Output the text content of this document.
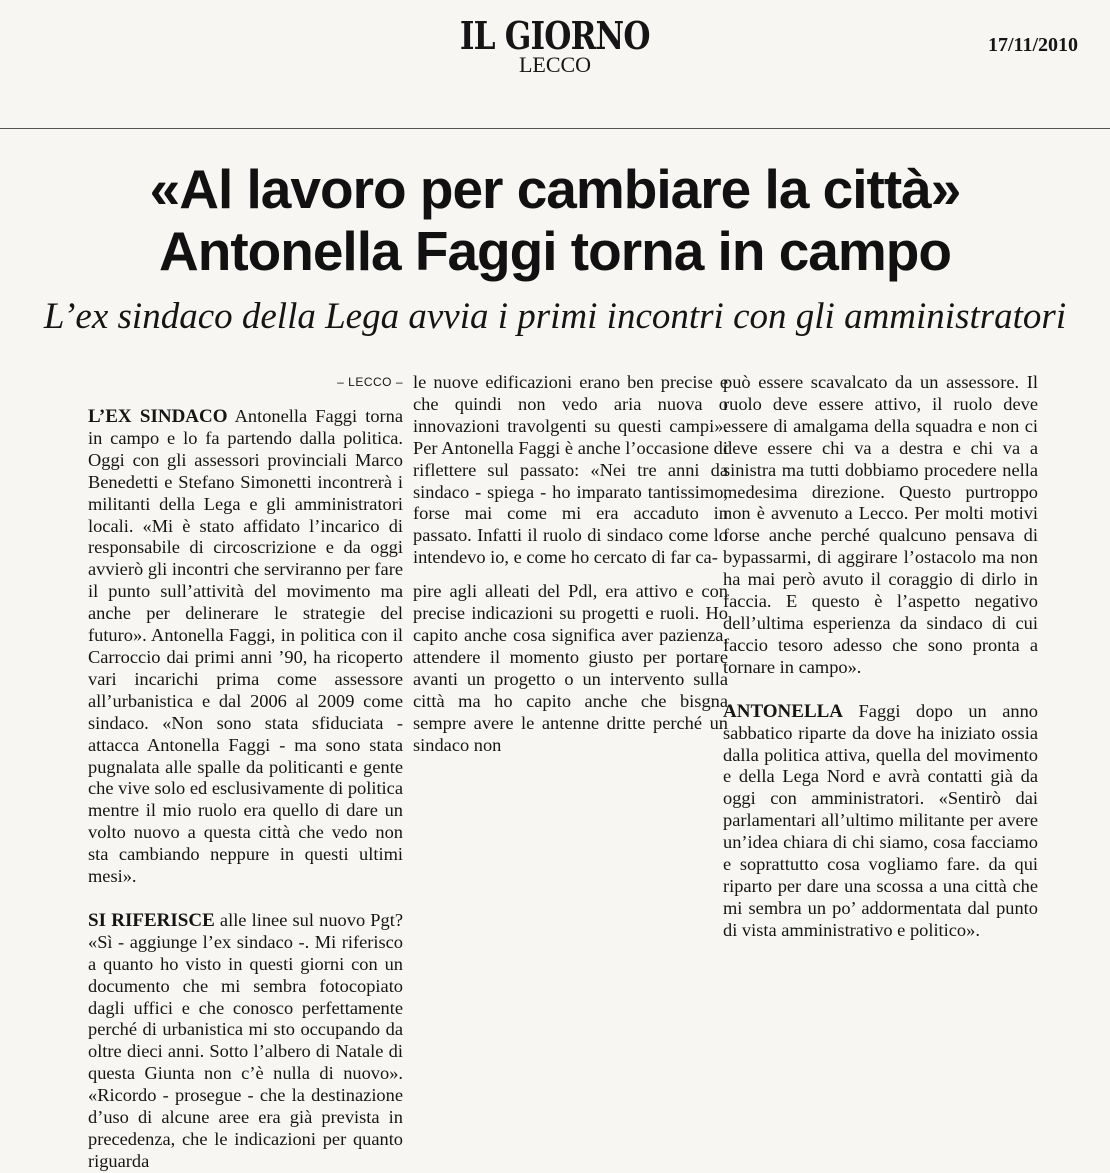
IL GIORNO
LECCO
17/11/2010
«Al lavoro per cambiare la città»
Antonella Faggi torna in campo
L’ex sindaco della Lega avvia i primi incontri con gli amministratori
– LECCO –

L’EX SINDACO Antonella Faggi torna in campo e lo fa partendo dalla politica. Oggi con gli assessori provinciali Marco Benedetti e Stefano Simonetti incontrerà i militanti della Lega e gli amministratori locali. «Mi è stato affidato l’incarico di responsabile di circoscrizione e da oggi avvierò gli incontri che serviranno per fare il punto sull’attività del movimento ma anche per delinerare le strategie del futuro». Antonella Faggi, in politica con il Carroccio dai primi anni ’90, ha ricoperto vari incarichi prima come assessore all’urbanistica e dal 2006 al 2009 come sindaco. «Non sono stata sfiduciata - attacca Antonella Faggi - ma sono stata pugnalata alle spalle da politicanti e gente che vive solo ed esclusivamente di politica mentre il mio ruolo era quello di dare un volto nuovo a questa città che vedo non sta cambiando neppure in questi ultimi mesi».

SI RIFERISCE alle linee sul nuovo Pgt? «Sì - aggiunge l’ex sindaco -. Mi riferisco a quanto ho visto in questi giorni con un documento che mi sembra fotocopiato dagli uffici e che conosco perfettamente perché di urbanistica mi sto occupando da oltre dieci anni. Sotto l’albero di Natale di questa Giunta non c’è nulla di nuovo». «Ricordo - prosegue - che la destinazione d’uso di alcune aree era già prevista in precedenza, che le indicazioni per quanto riguarda

le nuove edificazioni erano ben precise e che quindi non vedo aria nuova o innovazioni travolgenti su questi campi». Per Antonella Faggi è anche l’occasione di riflettere sul passato: «Nei tre anni da sindaco - spiega - ho imparato tantissimo, forse mai come mi era accaduto in passato. Infatti il ruolo di sindaco come lo intendevo io, e come ho cercato di far ca-

pire agli alleati del Pdl, era attivo e con precise indicazioni su progetti e ruoli. Ho capito anche cosa significa aver pazienza, attendere il momento giusto per portare avanti un progetto o un intervento sulla città ma ho capito anche che bisgna sempre avere le antenne dritte perché un sindaco non

può essere scavalcato da un assessore. Il ruolo deve essere attivo, il ruolo deve essere di amalgama della squadra e non ci deve essere chi va a destra e chi va a sinistra ma tutti dobbiamo procedere nella medesima direzione. Questo purtroppo non è avvenuto a Lecco. Per molti motivi forse anche perché qualcuno pensava di bypassarmi, di aggirare l’ostacolo ma non ha mai però avuto il coraggio di dirlo in faccia. E questo è l’aspetto negativo dell’ultima esperienza da sindaco di cui faccio tesoro adesso che sono pronta a tornare in campo».

ANTONELLA Faggi dopo un anno sabbatico riparte da dove ha iniziato ossia dalla politica attiva, quella del movimento e della Lega Nord e avrà contatti già da oggi con amministratori. «Sentirò dai parlamentari all’ultimo militante per avere un’idea chiara di chi siamo, cosa facciamo e soprattutto cosa vogliamo fare. da qui riparto per dare una scossa a una città che mi sembra un po’ addormentata dal punto di vista amministrativo e politico».
